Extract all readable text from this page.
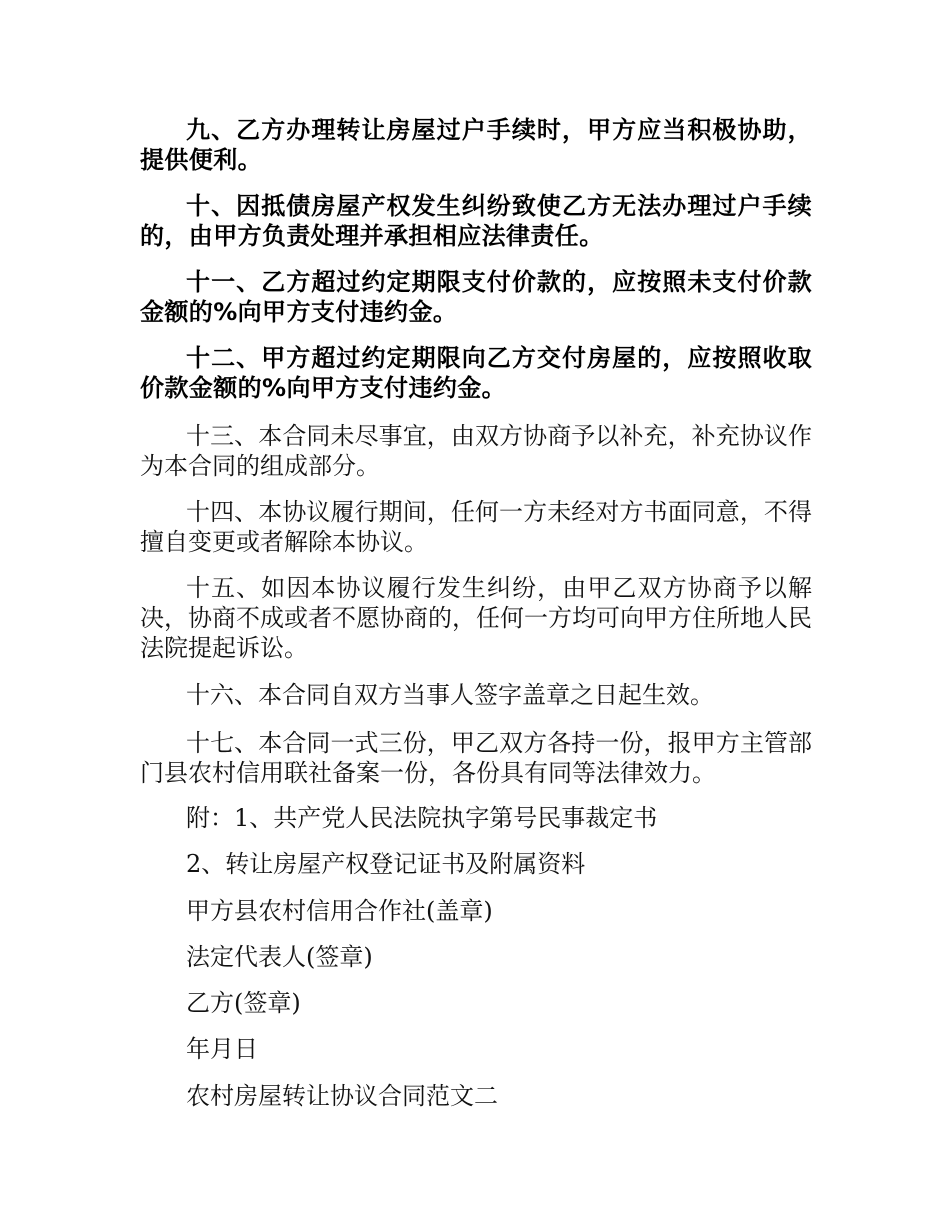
九、乙方办理转让房屋过户手续时，甲方应当积极协助，提供便利。

十、因抵债房屋产权发生纠纷致使乙方无法办理过户手续的，由甲方负责处理并承担相应法律责任。

十一、乙方超过约定期限支付价款的，应按照未支付价款金额的%向甲方支付违约金。

十二、甲方超过约定期限向乙方交付房屋的，应按照收取价款金额的%向甲方支付违约金。

十三、本合同未尽事宜，由双方协商予以补充，补充协议作为本合同的组成部分。

十四、本协议履行期间，任何一方未经对方书面同意，不得擅自变更或者解除本协议。

十五、如因本协议履行发生纠纷，由甲乙双方协商予以解决，协商不成或者不愿协商的，任何一方均可向甲方住所地人民法院提起诉讼。

十六、本合同自双方当事人签字盖章之日起生效。

十七、本合同一式三份，甲乙双方各持一份，报甲方主管部门县农村信用联社备案一份，各份具有同等法律效力。

附：1、共产党人民法院执字第号民事裁定书

2、转让房屋产权登记证书及附属资料

甲方县农村信用合作社(盖章)

法定代表人(签章)

乙方(签章)

年月日

农村房屋转让协议合同范文二
